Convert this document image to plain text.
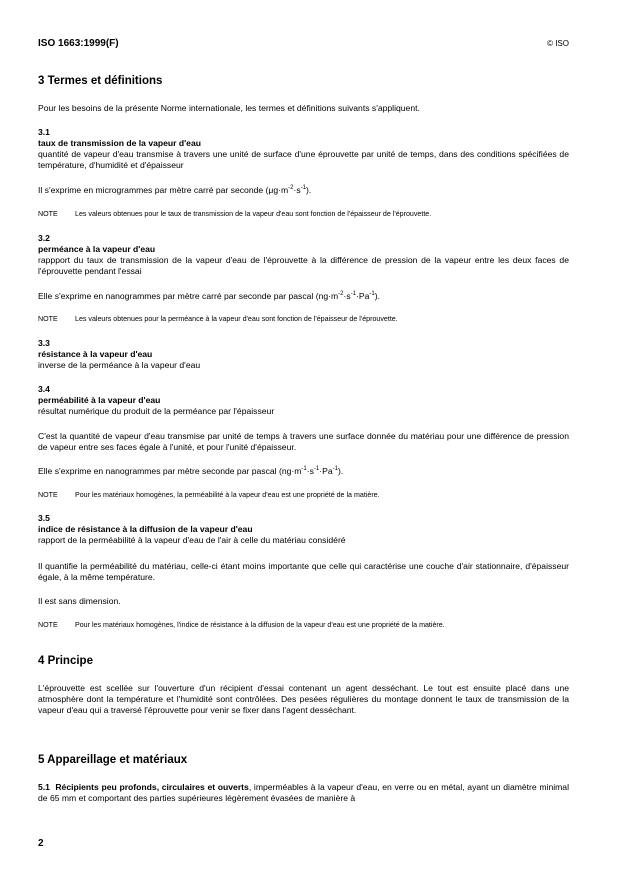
ISO 1663:1999(F)	© ISO
3 Termes et définitions
Pour les besoins de la présente Norme internationale, les termes et définitions suivants s'appliquent.
3.1
taux de transmission de la vapeur d'eau
quantité de vapeur d'eau transmise à travers une unité de surface d'une éprouvette par unité de temps, dans des conditions spécifiées de température, d'humidité et d'épaisseur
Il s'exprime en microgrammes par mètre carré par seconde $(\mu g\cdot m^{-2}\cdot s^{-1})$.
NOTE Les valeurs obtenues pour le taux de transmission de la vapeur d'eau sont fonction de l'épaisseur de l'éprouvette.
3.2
perméance à la vapeur d'eau
rappport du taux de transmission de la vapeur d'eau de l'éprouvette à la différence de pression de la vapeur entre les deux faces de l'éprouvette pendant l'essai
Elle s'exprime en nanogrammes par mètre carré par seconde par pascal $(ng\cdot m^{-2}\cdot s^{-1}\cdot Pa^{-1})$.
NOTE Les valeurs obtenues pour la perméance à la vapeur d'eau sont fonction de l'épaisseur de l'éprouvette.
3.3
résistance à la vapeur d'eau
inverse de la perméance à la vapeur d'eau
3.4
perméabilité à la vapeur d'eau
résultat numérique du produit de la perméance par l'épaisseur
C'est la quantité de vapeur d'eau transmise par unité de temps à travers une surface donnée du matériau pour une différence de pression de vapeur entre ses faces égale à l'unité, et pour l'unité d'épaisseur.
Elle s'exprime en nanogrammes par mètre seconde par pascal $(ng\cdot m^{-1}\cdot s^{-1}\cdot Pa^{-1})$.
NOTE Pour les matériaux homogènes, la perméabilité à la vapeur d'eau est une propriété de la matière.
3.5
indice de résistance à la diffusion de la vapeur d'eau
rapport de la perméabilité à la vapeur d'eau de l'air à celle du matériau considéré
Il quantifie la perméabilité du matériau, celle-ci étant moins importante que celle qui caractérise une couche d'air stationnaire, d'épaisseur égale, à la même température.
Il est sans dimension.
NOTE Pour les matériaux homogènes, l'indice de résistance à la diffusion de la vapeur d'eau est une propriété de la matière.
4 Principe
L'éprouvette est scellée sur l'ouverture d'un récipient d'essai contenant un agent desséchant. Le tout est ensuite placé dans une atmosphère dont la température et l'humidité sont contrôlées. Des pesées régulières du montage donnent le taux de transmission de la vapeur d'eau qui a traversé l'éprouvette pour venir se fixer dans l'agent desséchant.
5 Appareillage et matériaux
5.1 Récipients peu profonds, circulaires et ouverts, imperméables à la vapeur d'eau, en verre ou en métal, ayant un diamètre minimal de 65 mm et comportant des parties supérieures légèrement évasées de manière à
2
